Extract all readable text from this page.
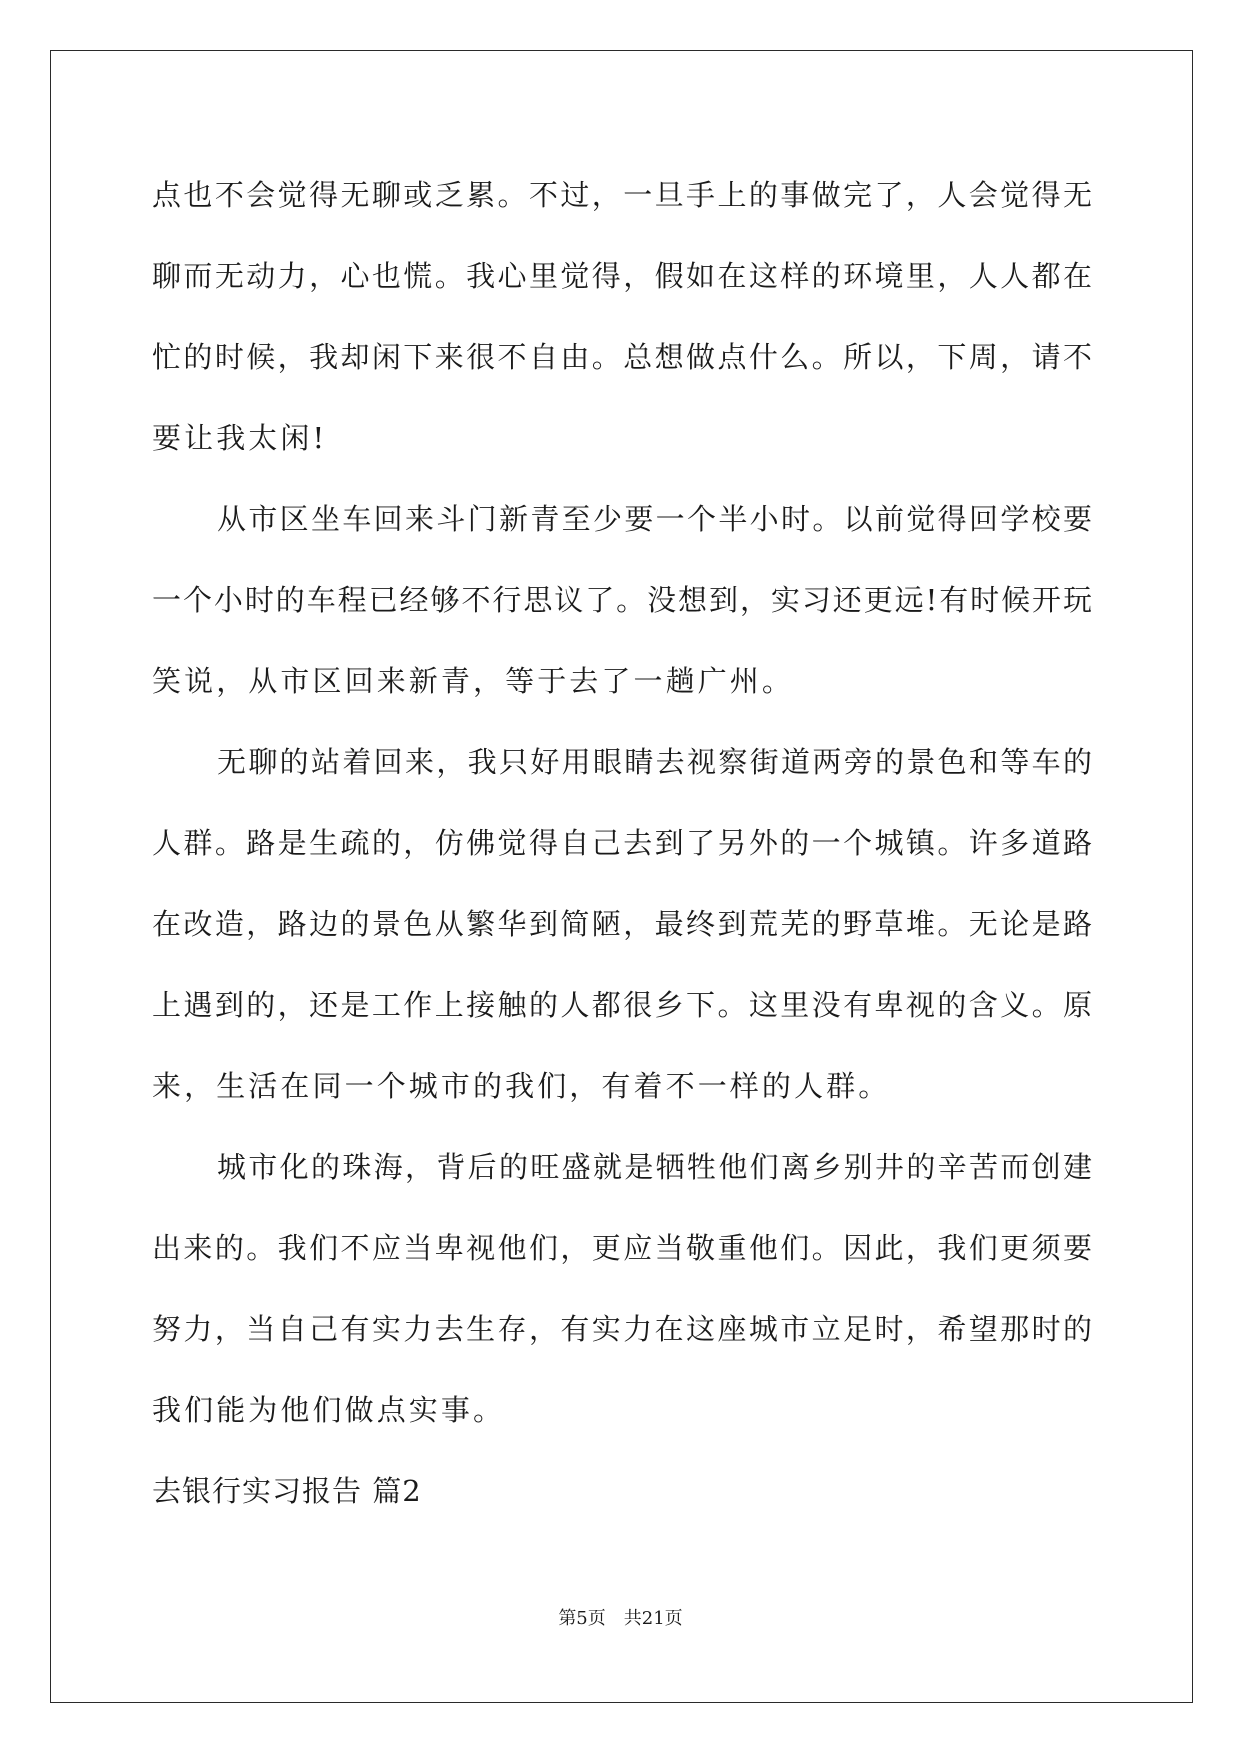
点也不会觉得无聊或乏累。不过，一旦手上的事做完了，人会觉得无
聊而无动力，心也慌。我心里觉得，假如在这样的环境里，人人都在
忙的时候，我却闲下来很不自由。总想做点什么。所以，下周，请不
要让我太闲!
从市区坐车回来斗门新青至少要一个半小时。以前觉得回学校要
一个小时的车程已经够不行思议了。没想到，实习还更远!有时候开玩
笑说，从市区回来新青，等于去了一趟广州。
无聊的站着回来，我只好用眼睛去视察街道两旁的景色和等车的
人群。路是生疏的，仿佛觉得自己去到了另外的一个城镇。许多道路
在改造，路边的景色从繁华到简陋，最终到荒芜的野草堆。无论是路
上遇到的，还是工作上接触的人都很乡下。这里没有卑视的含义。原
来，生活在同一个城市的我们，有着不一样的人群。
城市化的珠海，背后的旺盛就是牺牲他们离乡别井的辛苦而创建
出来的。我们不应当卑视他们，更应当敬重他们。因此，我们更须要
努力，当自己有实力去生存，有实力在这座城市立足时，希望那时的
我们能为他们做点实事。
去银行实习报告 篇2
第5页 共21页
